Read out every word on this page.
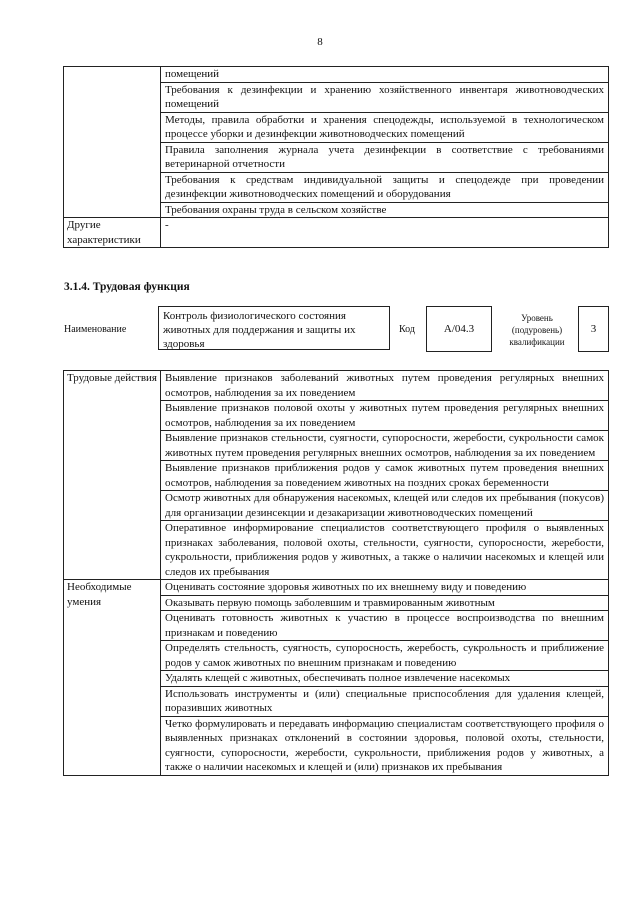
8
	помещений
	Требования к дезинфекции и хранению хозяйственного инвентаря животноводческих помещений
	Методы, правила обработки и хранения спецодежды, используемой в технологическом процессе уборки и дезинфекции животноводческих помещений
	Правила заполнения журнала учета дезинфекции в соответствие с требованиями ветеринарной отчетности
	Требования к средствам индивидуальной защиты и спецодежде при проведении дезинфекции животноводческих помещений и оборудования
	Требования охраны труда в сельском хозяйстве
Другие характеристики	-
3.1.4. Трудовая функция
Наименование
Контроль физиологического состояния животных для поддержания и защиты их здоровья
Код	A/04.3
Уровень (подуровень) квалификации
3
Трудовые действия	Выявление признаков заболеваний животных путем проведения регулярных внешних осмотров, наблюдения за их поведением
	Выявление признаков половой охоты у животных путем проведения регулярных внешних осмотров, наблюдения за их поведением
	Выявление признаков стельности, суягности, супоросности, жеребости, сукрольности самок животных путем проведения регулярных внешних осмотров, наблюдения за их поведением
	Выявление признаков приближения родов у самок животных путем проведения внешних осмотров, наблюдения за поведением животных на поздних сроках беременности
	Осмотр животных для обнаружения насекомых, клещей или следов их пребывания (покусов) для организации дезинсекции и дезакаризации животноводческих помещений
	Оперативное информирование специалистов соответствующего профиля о выявленных признаках заболевания, половой охоты, стельности, суягности, супоросности, жеребости, сукрольности, приближения родов у животных, а также о наличии насекомых и клещей или следов их пребывания
Необходимые умения	Оценивать состояние здоровья животных по их внешнему виду и поведению
	Оказывать первую помощь заболевшим и травмированным животным
	Оценивать готовность животных к участию в процессе воспроизводства по внешним признакам и поведению
	Определять стельность, суягность, супоросность, жеребость, сукрольность и приближение родов у самок животных по внешним признакам и поведению
	Удалять клещей с животных, обеспечивать полное извлечение насекомых
	Использовать инструменты и (или) специальные приспособления для удаления клещей, поразивших животных
	Четко формулировать и передавать информацию специалистам соответствующего профиля о выявленных признаках отклонений в состоянии здоровья, половой охоты, стельности, суягности, супоросности, жеребости, сукрольности, приближения родов у животных, а также о наличии насекомых и клещей и (или) признаков их пребывания
